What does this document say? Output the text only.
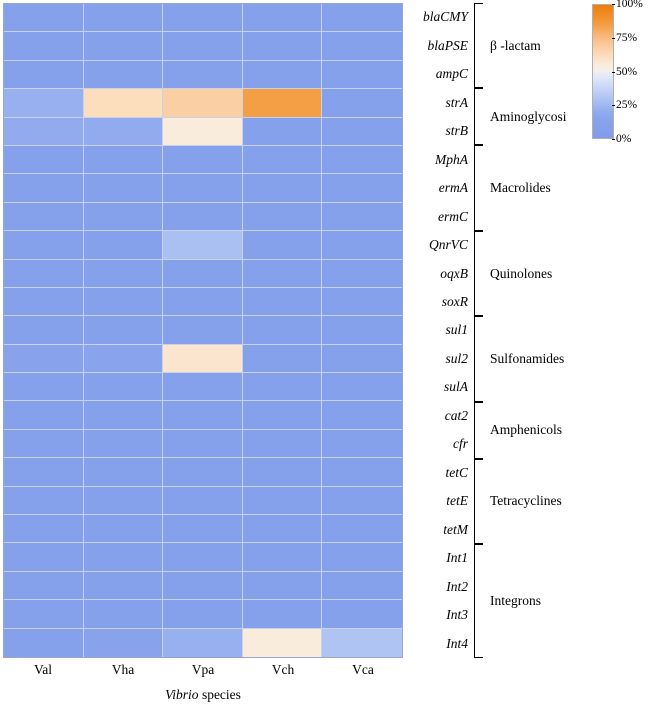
blaCMY
blaPSE
ampC
strA
strB
MphA
ermA
ermC
QnrVC
oqxB
soxR
sul1
sul2
sulA
cat2
cfr
tetC
tetE
tetM
Int1
Int2
Int3
Int4
β -lactam
Aminoglycosi
Macrolides
Quinolones
Sulfonamides
Amphenicols
Tetracyclines
Integrons
Val	Vha	Vpa	Vch	Vca
Vibrio species
100%
75%
50%
25%
0%
